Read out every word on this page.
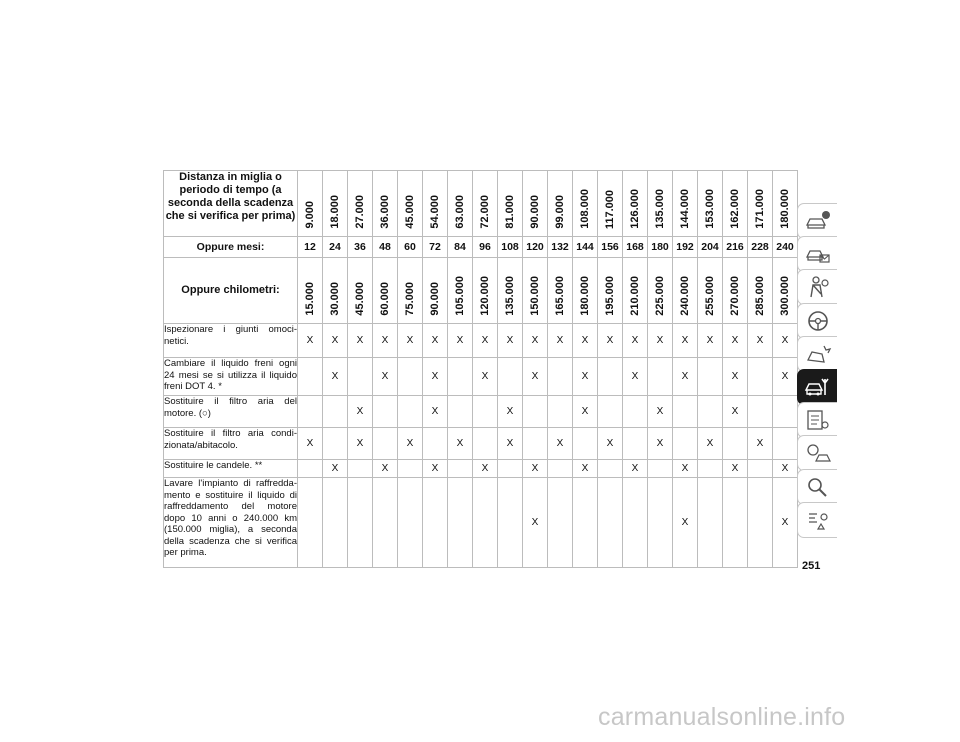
Distanza in miglia o periodo di tempo (a seconda della scadenza che si verifica per prima)	9.000	18.000	27.000	36.000	45.000	54.000	63.000	72.000	81.000	90.000	99.000	108.000	117.000	126.000	135.000	144.000	153.000	162.000	171.000	180.000

Oppure mesi:	12	24	36	48	60	72	84	96	108	120	132	144	156	168	180	192	204	216	228	240
Oppure chilometri:	15.000	30.000	45.000	60.000	75.000	90.000	105.000	120.000	135.000	150.000	165.000	180.000	195.000	210.000	225.000	240.000	255.000	270.000	285.000	300.000

Ispezionare i giunti omoci-netici.	X	X	X	X	X	X	X	X	X	X	X	X	X	X	X	X	X	X	X	X
Cambiare il liquido freni ogni 24 mesi se si utilizza il liquido freni DOT 4. *		X		X		X		X		X		X		X		X		X		X
Sostituire il filtro aria del motore. (○)			X			X			X			X			X			X		
Sostituire il filtro aria condi-zionata/abitacolo.	X		X		X		X		X		X		X		X		X		X	
Sostituire le candele. **		X		X		X		X		X		X		X		X		X		X
Lavare l'impianto di raffredda-mento e sostituire il liquido di raffreddamento del motore dopo 10 anni o 240.000 km (150.000 miglia), a seconda della scadenza che si verifica per prima.										X						X				X
251
carmanualsonline.info
